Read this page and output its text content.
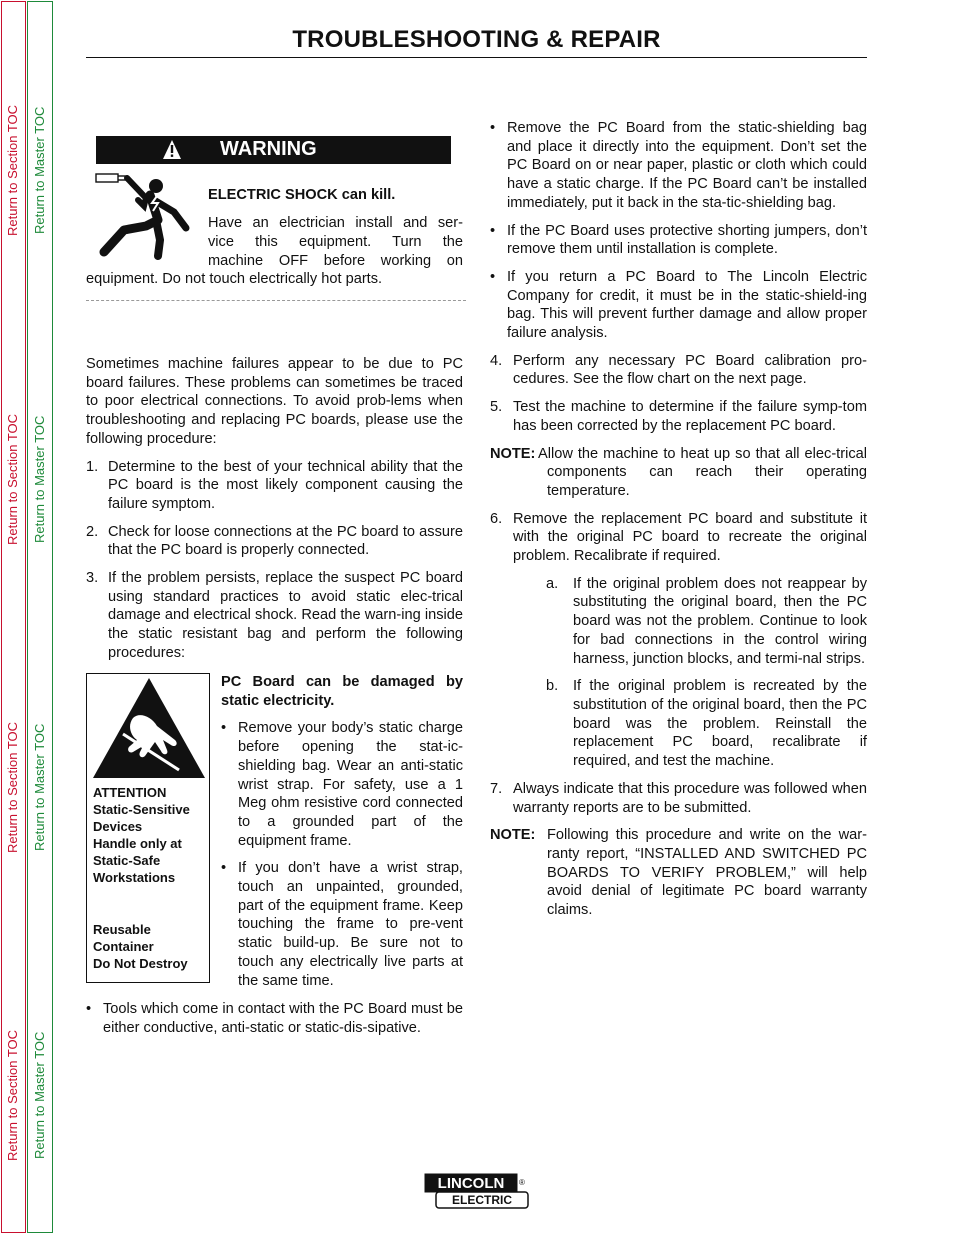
Return to Section TOC Return to Master TOC
Return to Section TOC Return to Master TOC
Return to Section TOC Return to Master TOC
Return to Section TOC Return to Master TOC
TROUBLESHOOTING & REPAIR
WARNING
ELECTRIC SHOCK can kill.
Have an electrician install and ser-
vice this equipment. Turn the
machine OFF before working on
equipment. Do not touch electrically hot parts.

Sometimes machine failures appear to be due to PC board failures. These problems can sometimes be traced to poor electrical connections. To avoid prob-lems when troubleshooting and replacing PC boards, please use the following procedure:

1. Determine to the best of your technical ability that the PC board is the most likely component causing the failure symptom.

2. Check for loose connections at the PC board to assure that the PC board is properly connected.

3. If the problem persists, replace the suspect PC board using standard practices to avoid static elec-trical damage and electrical shock. Read the warn-ing inside the static resistant bag and perform the following procedures:

ATTENTION
Static-Sensitive
Devices
Handle only at
Static-Safe
Workstations
Reusable
Container
Do Not Destroy

PC Board can be damaged by static electricity.

• Remove your body’s static charge before opening the stat-ic-shielding bag. Wear an anti-static wrist strap. For safety, use a 1 Meg ohm resistive cord connected to a grounded part of the equipment frame.

• If you don’t have a wrist strap, touch an unpainted, grounded, part of the equipment frame. Keep touching the frame to pre-vent static build-up. Be sure not to touch any electrically live parts at the same time.

• Tools which come in contact with the PC Board must be either conductive, anti-static or static-dis-sipative.

• Remove the PC Board from the static-shielding bag and place it directly into the equipment. Don’t set the PC Board on or near paper, plastic or cloth which could have a static charge. If the PC Board can’t be installed immediately, put it back in the sta-tic-shielding bag.

• If the PC Board uses protective shorting jumpers, don’t remove them until installation is complete.

• If you return a PC Board to The Lincoln Electric Company for credit, it must be in the static-shield-ing bag. This will prevent further damage and allow proper failure analysis.

4. Perform any necessary PC Board calibration pro-cedures. See the flow chart on the next page.

5. Test the machine to determine if the failure symp-tom has been corrected by the replacement PC board.

NOTE: Allow the machine to heat up so that all elec-trical components can reach their operating temperature.

6. Remove the replacement PC board and substitute it with the original PC board to recreate the original problem. Recalibrate if required.

a. If the original problem does not reappear by substituting the original board, then the PC board was not the problem. Continue to look for bad connections in the control wiring harness, junction blocks, and termi-nal strips.

b. If the original problem is recreated by the substitution of the original board, then the PC board was the problem. Reinstall the replacement PC board, recalibrate if required, and test the machine.

7. Always indicate that this procedure was followed when warranty reports are to be submitted.

NOTE: Following this procedure and write on the war-ranty report, “INSTALLED AND SWITCHED PC BOARDS TO VERIFY PROBLEM,” will help avoid denial of legitimate PC board warranty claims.

LINCOLN
ELECTRIC
®
